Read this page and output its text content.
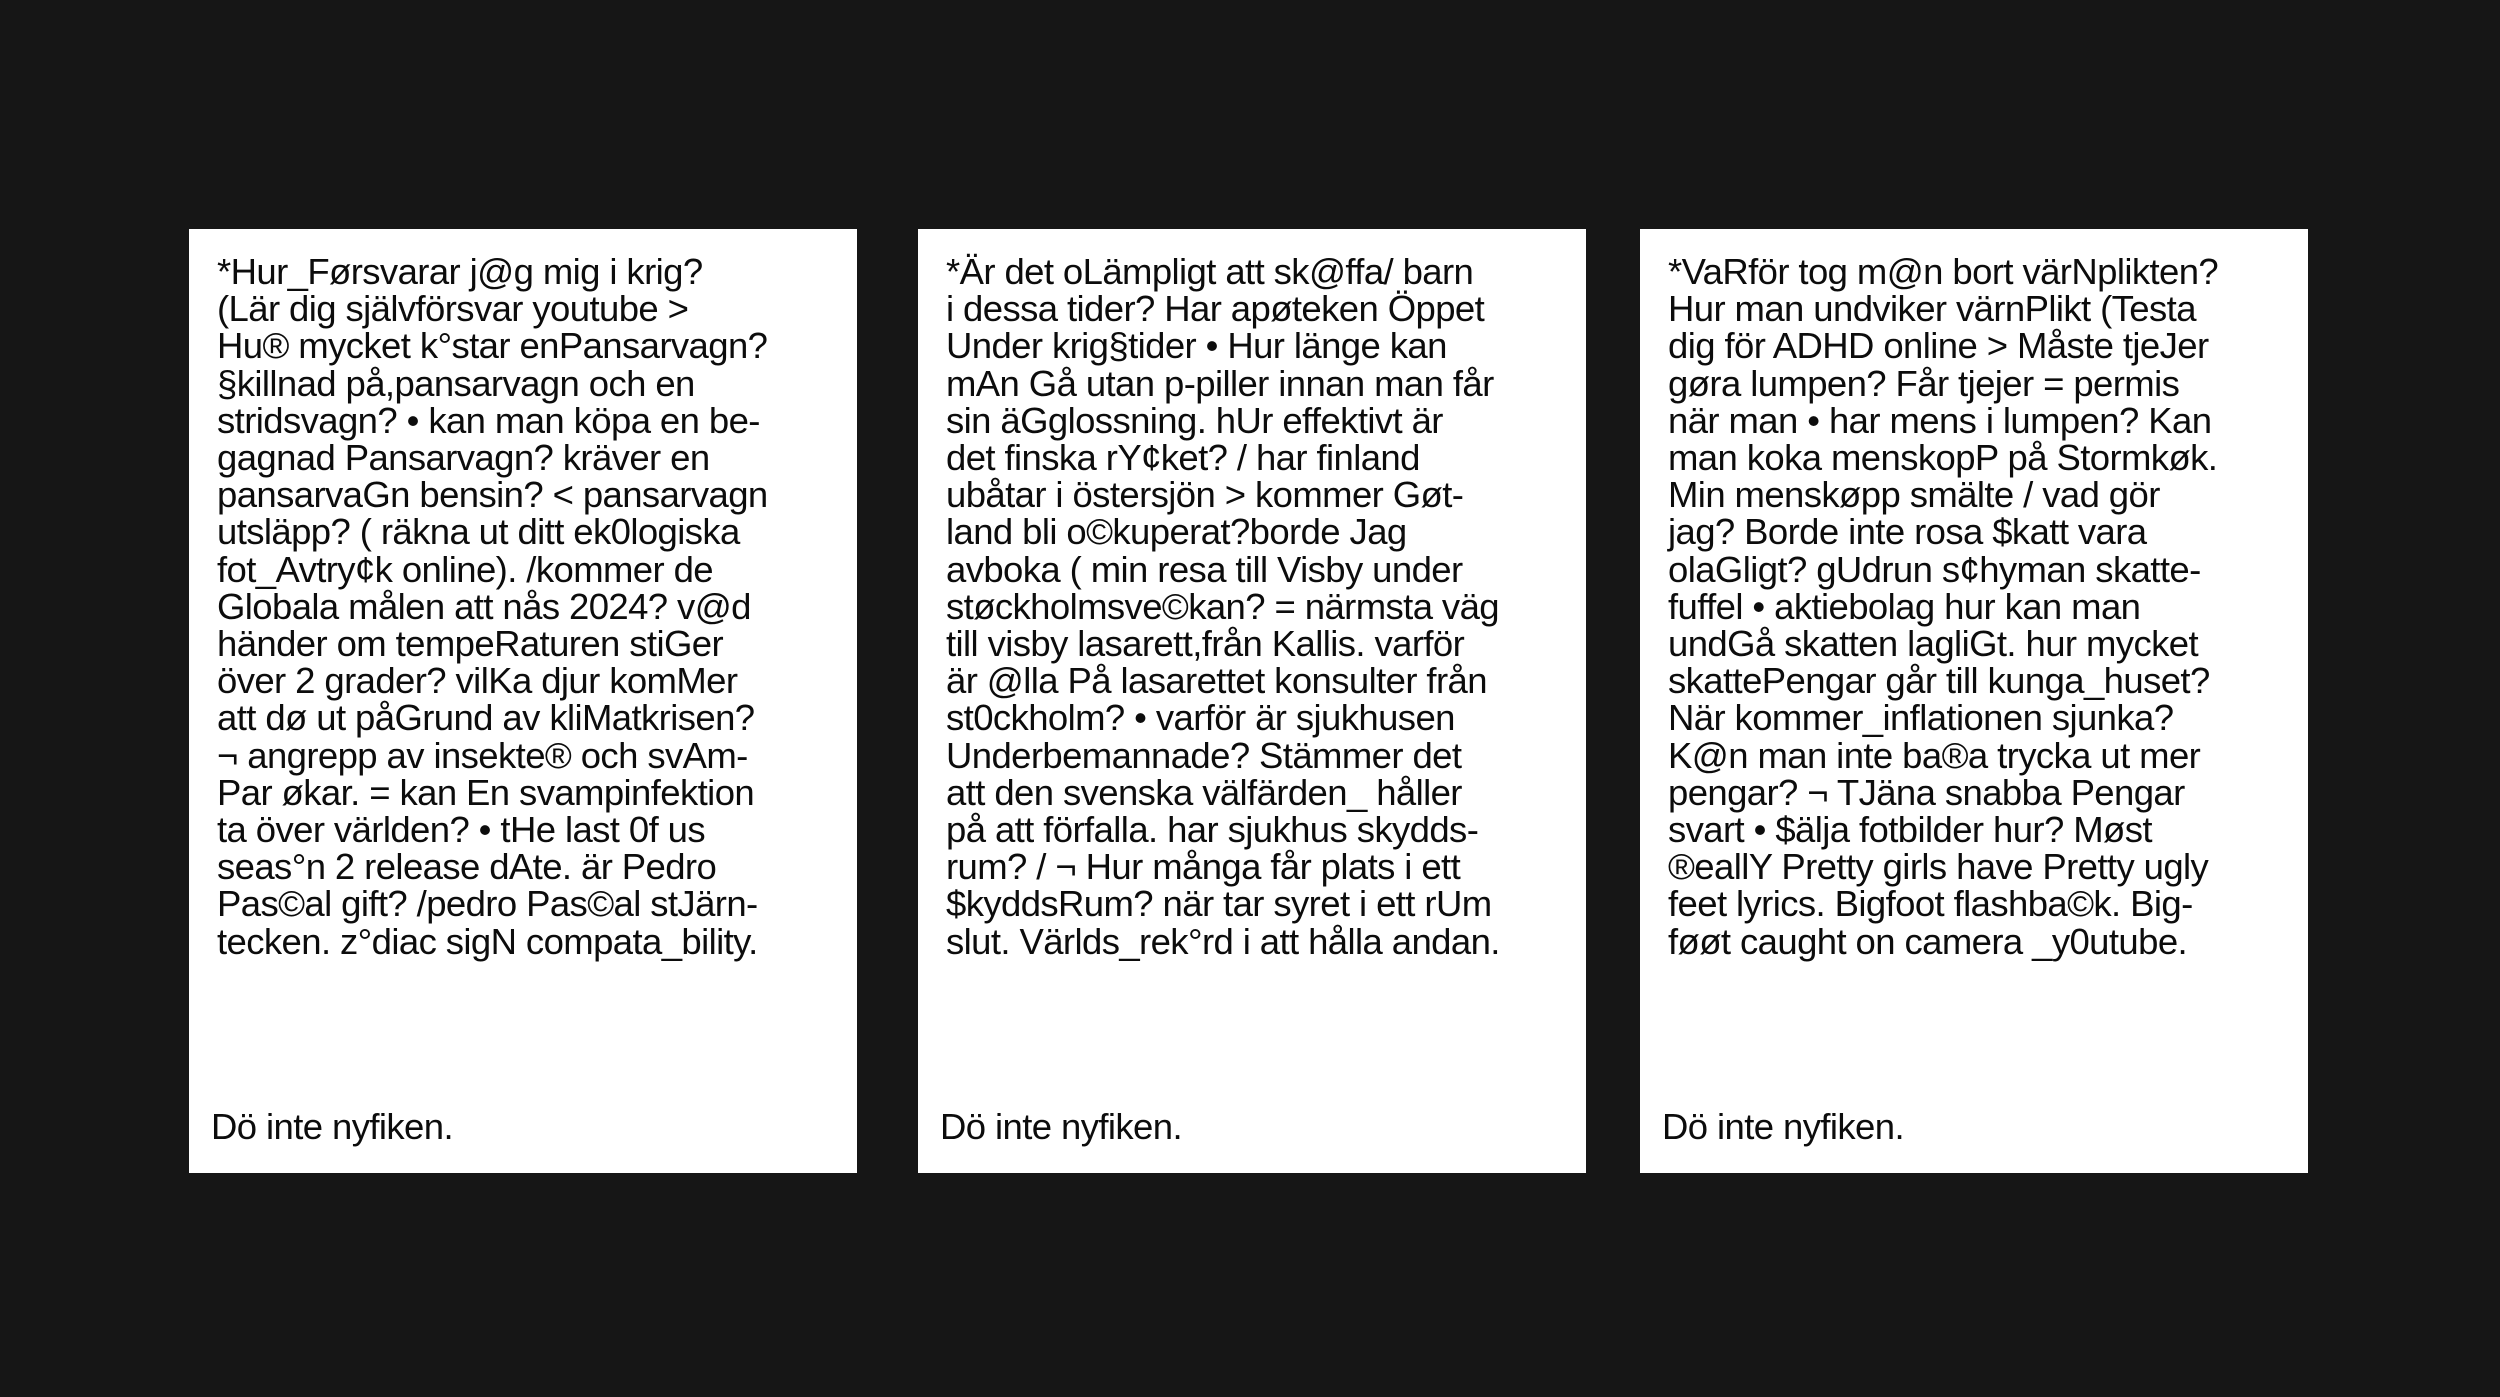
*Hur_Førsvarar j@g mig i krig?
(Lär dig självförsvar youtube >
Hu® mycket k°star enPansarvagn?
§killnad på,pansarvagn och en
stridsvagn? • kan man köpa en be-
gagnad Pansarvagn? kräver en
pansarvaGn bensin? < pansarvagn
utsläpp? ( räkna ut ditt ek0logiska
fot_Avtry¢k online). /kommer de
Globala målen att nås 2024? v@d
händer om tempeRaturen stiGer
över 2 grader? vilKa djur komMer
att dø ut påGrund av kliMatkrisen?
¬ angrepp av insekte® och svAm-
Par økar. = kan En svampinfektion
ta över världen? • tHe last 0f us
seas°n 2 release dAte. är Pedro
Pas©al gift? /pedro Pas©al stJärn-
tecken. z°diac sigN compata_bility.

Dö inte nyfiken.

*Är det oLämpligt att sk@ffa/ barn
i dessa tider? Har apøteken Öppet
Under krig§tider • Hur länge kan
mAn Gå utan p-piller innan man får
sin äGglossning. hUr effektivt är
det finska rY¢ket? / har finland
ubåtar i östersjön > kommer Gøt-
land bli o©kuperat?borde Jag
avboka ( min resa till Visby under
støckholmsve©kan? = närmsta väg
till visby lasarett,från Kallis. varför
är @lla På lasarettet konsulter från
st0ckholm? • varför är sjukhusen
Underbemannade? Stämmer det
att den svenska välfärden_ håller
på att förfalla. har sjukhus skydds-
rum? / ¬ Hur många får plats i ett
$kyddsRum? när tar syret i ett rUm
slut. Världs_rek°rd i att hålla andan.

Dö inte nyfiken.

*VaRför tog m@n bort värNplikten?
Hur man undviker värnPlikt (Testa
dig för ADHD online > Måste tjeJer
gøra lumpen? Får tjejer = permis
när man • har mens i lumpen? Kan
man koka menskopP på Stormkøk.
Min menskøpp smälte / vad gör
jag? Borde inte rosa $katt vara
olaGligt? gUdrun s¢hyman skatte-
fuffel • aktiebolag hur kan man
undGå skatten lagliGt. hur mycket
skattePengar går till kunga_huset?
När kommer_inflationen sjunka?
K@n man inte ba®a trycka ut mer
pengar? ¬ TJäna snabba Pengar
svart • $älja fotbilder hur? Møst
®eallY Pretty girls have Pretty ugly
feet lyrics. Bigfoot flashba©k. Big-
føøt caught on camera _y0utube.

Dö inte nyfiken.
